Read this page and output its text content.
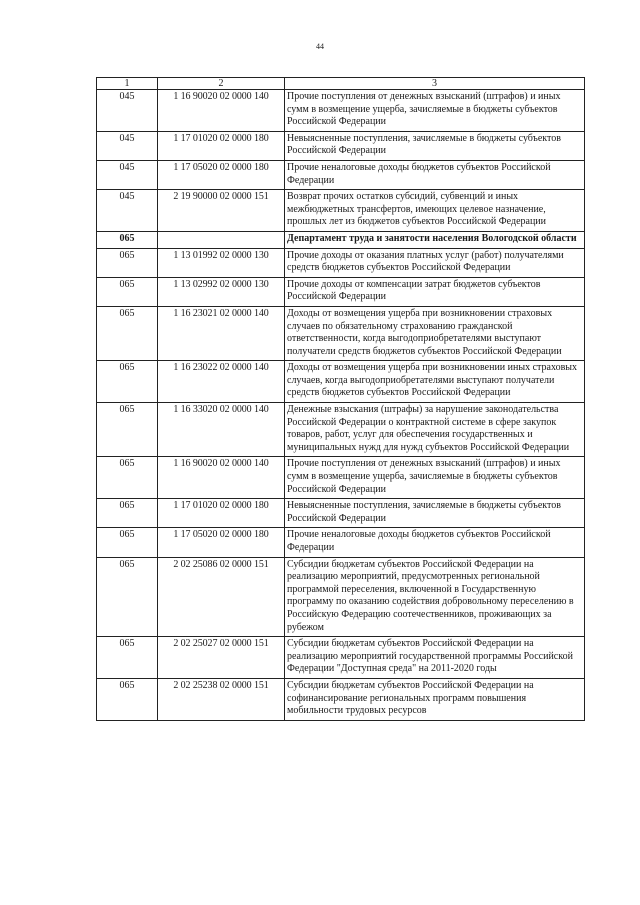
44
1	2	3
045	1 16 90020 02 0000 140	Прочие поступления от денежных взысканий (штрафов) и иных сумм в возмещение ущерба, зачисляемые в бюджеты субъектов Российской Федерации
045	1 17 01020 02 0000 180	Невыясненные поступления, зачисляемые в бюджеты субъектов Российской Федерации
045	1 17 05020 02 0000 180	Прочие неналоговые доходы бюджетов субъектов Российской Федерации
045	2 19 90000 02 0000 151	Возврат прочих остатков субсидий, субвенций и иных межбюджетных трансфертов, имеющих целевое назначение, прошлых лет из бюджетов субъектов Российской Федерации
065		Департамент труда и занятости населения Вологодской области
065	1 13 01992 02 0000 130	Прочие доходы от оказания платных услуг (работ) получателями средств бюджетов субъектов Российской Федерации
065	1 13 02992 02 0000 130	Прочие доходы от компенсации затрат бюджетов субъектов Российской Федерации
065	1 16 23021 02 0000 140	Доходы от возмещения ущерба при возникновении страховых случаев по обязательному страхованию гражданской ответственности, когда выгодоприобретателями выступают получатели средств бюджетов субъектов Российской Федерации
065	1 16 23022 02 0000 140	Доходы от возмещения ущерба при возникновении иных страховых случаев, когда выгодоприобретателями выступают получатели средств бюджетов субъектов Российской Федерации
065	1 16 33020 02 0000 140	Денежные взыскания (штрафы) за нарушение законодательства Российской Федерации о контрактной системе в сфере закупок товаров, работ, услуг для обеспечения государственных и муниципальных нужд для нужд субъектов Российской Федерации
065	1 16 90020 02 0000 140	Прочие поступления от денежных взысканий (штрафов) и иных сумм в возмещение ущерба, зачисляемые в бюджеты субъектов Российской Федерации
065	1 17 01020 02 0000 180	Невыясненные поступления, зачисляемые в бюджеты субъектов Российской Федерации
065	1 17 05020 02 0000 180	Прочие неналоговые доходы бюджетов субъектов Российской Федерации
065	2 02 25086 02 0000 151	Субсидии бюджетам субъектов Российской Федерации на реализацию мероприятий, предусмотренных региональной программой переселения, включенной в Государственную программу по оказанию содействия добровольному переселению в Российскую Федерацию соотечественников, проживающих за рубежом
065	2 02 25027 02 0000 151	Субсидии бюджетам субъектов Российской Федерации на реализацию мероприятий государственной программы Российской Федерации "Доступная среда" на 2011-2020 годы
065	2 02 25238 02 0000 151	Субсидии бюджетам субъектов Российской Федерации на софинансирование региональных программ повышения мобильности трудовых ресурсов
